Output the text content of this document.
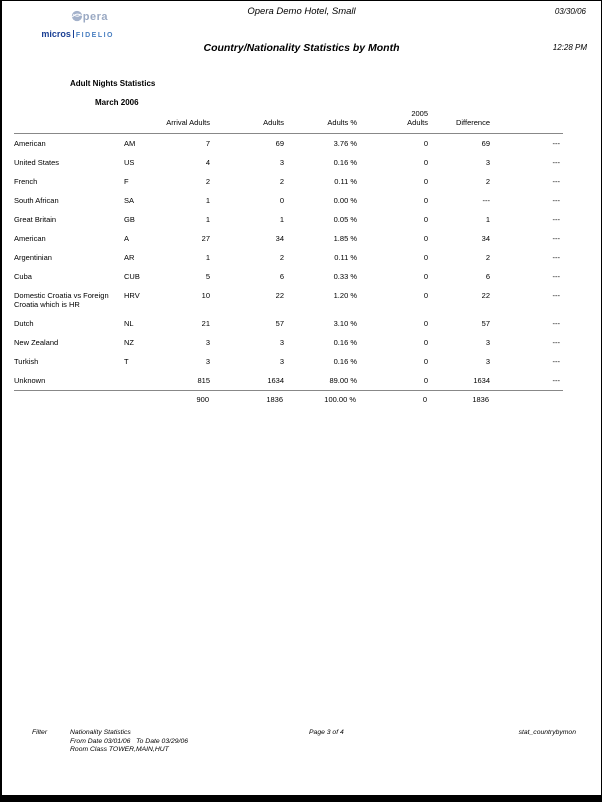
pera
micros FIDELIO
Opera Demo Hotel, Small	03/30/06
Country/Nationality Statistics by Month	12:28 PM
Adult Nights Statistics
March 2006
		Arrival Adults	Adults	Adults %	2005
Adults	Difference	
American	AM	7	69	3.76 %	0	69	---
United States	US	4	3	0.16 %	0	3	---
French	F	2	2	0.11 %	0	2	---
South African	SA	1	0	0.00 %	0	---	---
Great Britain	GB	1	1	0.05 %	0	1	---
American	A	27	34	1.85 %	0	34	---
Argentinian	AR	1	2	0.11 %	0	2	---
Cuba	CUB	5	6	0.33 %	0	6	---
Domestic Croatia vs Foreign Croatia which is HR	HRV	10	22	1.20 %	0	22	---
Dutch	NL	21	57	3.10 %	0	57	---
New Zealand	NZ	3	3	0.16 %	0	3	---
Turkish	T	3	3	0.16 %	0	3	---
Unknown		815	1634	89.00 %	0	1634	---
		900	1836	100.00 %	0	1836	
Filter	Nationality Statistics
From Date 03/01/06   To Date 03/29/06
Room Class TOWER,MAIN,HUT
Page 3 of 4	stat_countrybymon
